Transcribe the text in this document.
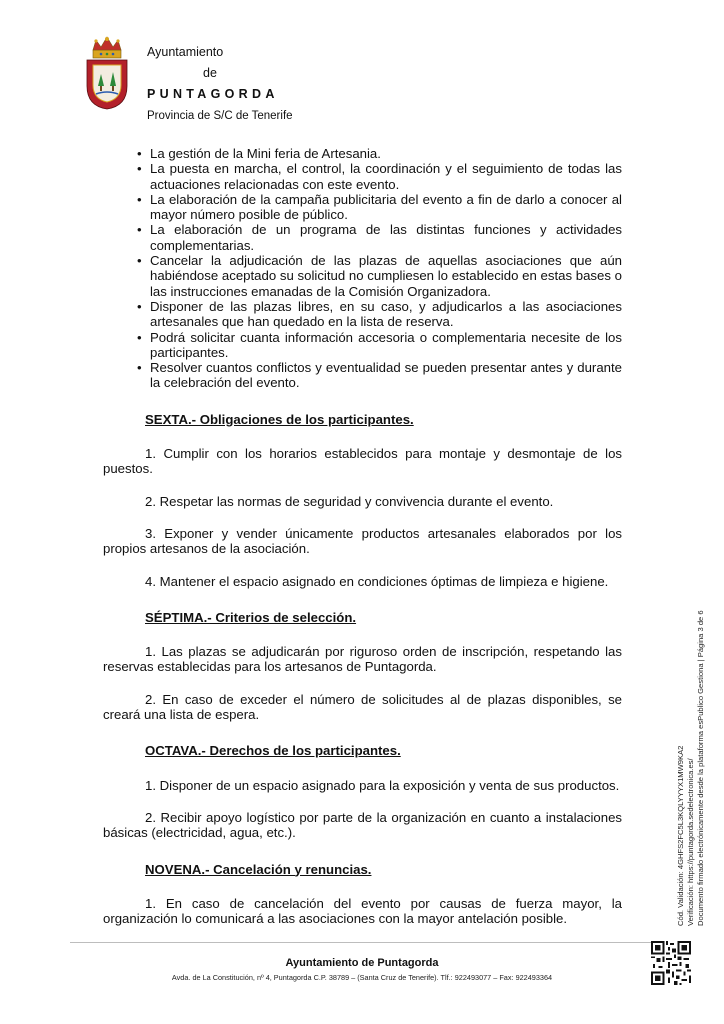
Ayuntamiento
de
PUNTAGORDA
Provincia de S/C de Tenerife
• La gestión de la Mini feria de Artesania.
• La puesta en marcha, el control, la coordinación y el seguimiento de todas las actuaciones relacionadas con este evento.
• La elaboración de la campaña publicitaria del evento a fin de darlo a conocer al mayor número posible de público.
• La elaboración de un programa de las distintas funciones y actividades complementarias.
• Cancelar la adjudicación de las plazas de aquellas asociaciones que aún habiéndose aceptado su solicitud no cumpliesen lo establecido en estas bases o las instrucciones emanadas de la Comisión Organizadora.
• Disponer de las plazas libres, en su caso, y adjudicarlos a las asociaciones artesanales que han quedado en la lista de reserva.
• Podrá solicitar cuanta información accesoria o complementaria necesite de los participantes.
• Resolver cuantos conflictos y eventualidad se pueden presentar antes y durante la celebración del evento.

SEXTA.- Obligaciones de los participantes.

1. Cumplir con los horarios establecidos para montaje y desmontaje de los puestos.

2. Respetar las normas de seguridad y convivencia durante el evento.

3. Exponer y vender únicamente productos artesanales elaborados por los propios artesanos de la asociación.

4. Mantener el espacio asignado en condiciones óptimas de limpieza e higiene.

SÉPTIMA.- Criterios de selección.

1. Las plazas se adjudicarán por riguroso orden de inscripción, respetando las reservas establecidas para los artesanos de Puntagorda.

2. En caso de exceder el número de solicitudes al de plazas disponibles, se creará una lista de espera.

OCTAVA.- Derechos de los participantes.

1. Disponer de un espacio asignado para la exposición y venta de sus productos.

2. Recibir apoyo logístico por parte de la organización en cuanto a instalaciones básicas (electricidad, agua, etc.).

NOVENA.- Cancelación y renuncias.

1. En caso de cancelación del evento por causas de fuerza mayor, la organización lo comunicará a las asociaciones con la mayor antelación posible.

Ayuntamiento de Puntagorda
Avda. de La Constitución, nº 4, Puntagorda C.P. 38789 – (Santa Cruz de Tenerife). Tlf.: 922493077 – Fax: 922493364
Cód. Validación: 4GHFS2FC5L3KQLYYYX1MW9KA2 Verificación: https://puntagorda.sedelectronica.es/ Documento firmado electrónicamente desde la plataforma esPublico Gestiona | Página 3 de 6
